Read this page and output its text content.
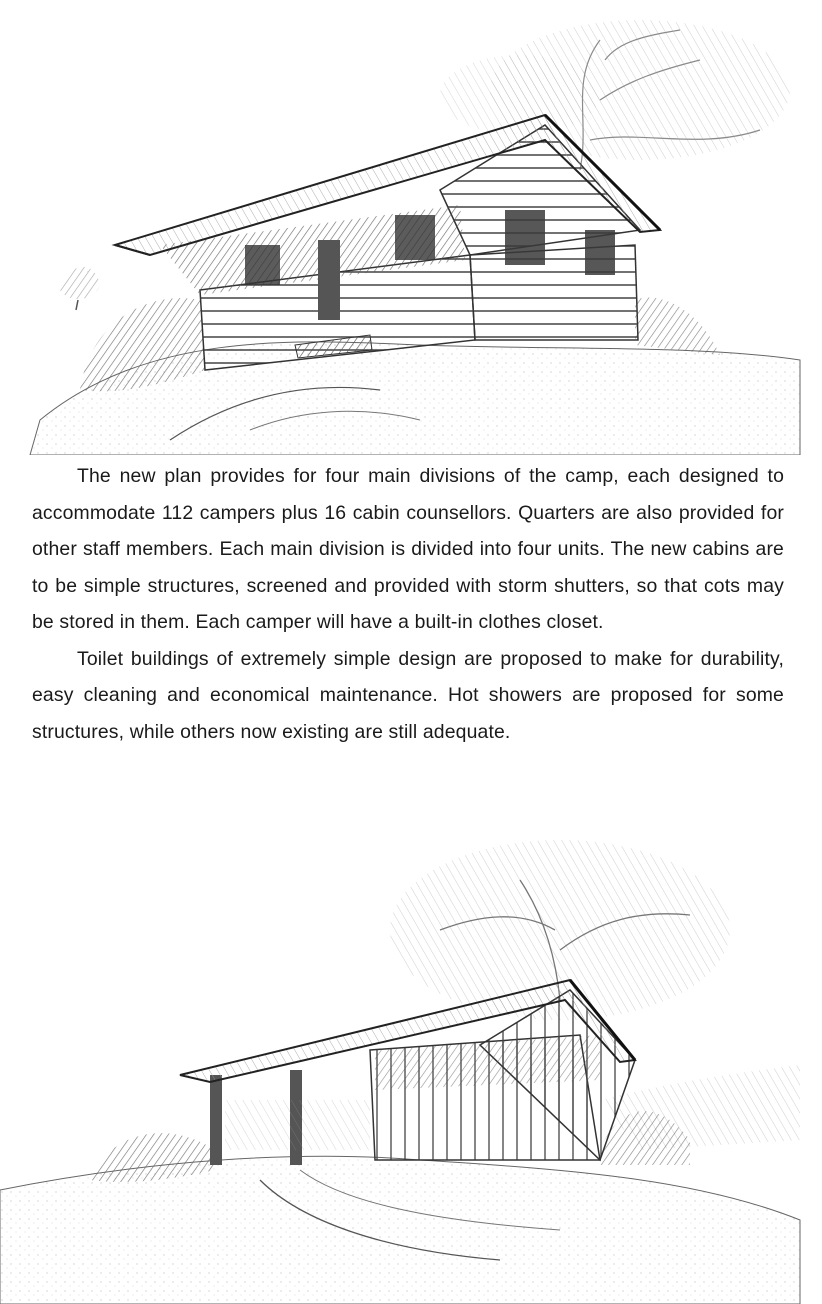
The new plan provides for four main divisions of the camp, each designed to accommodate 112 campers plus 16 cabin counsellors. Quarters are also provided for other staff members. Each main division is divided into four units. The new cabins are to be simple structures, screened and provided with storm shutters, so that cots may be stored in them. Each camper will have a built-in clothes closet.

Toilet buildings of extremely simple design are proposed to make for durability, easy cleaning and economical maintenance. Hot showers are proposed for some structures, while others now existing are still adequate.
